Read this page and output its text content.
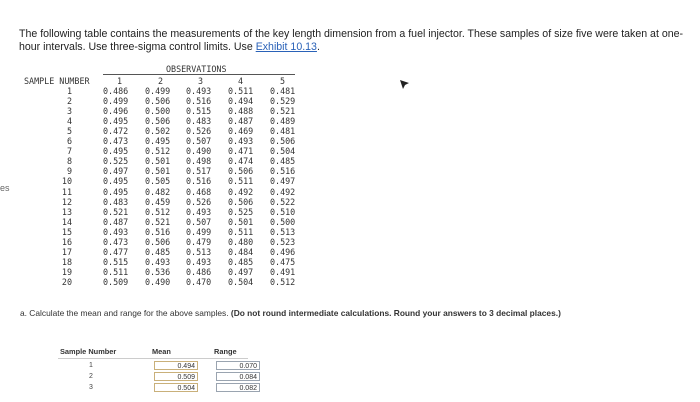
The following table contains the measurements of the key length dimension from a fuel injector. These samples of size five were taken at one-hour intervals. Use three-sigma control limits. Use Exhibit 10.13.
es
OBSERVATIONS
SAMPLE NUMBER	1	2	3	4	5
1	0.486 0.499 0.493 0.511 0.481
2	0.499 0.506 0.516 0.494 0.529
3	0.496 0.500 0.515 0.488 0.521
4	0.495 0.506 0.483 0.487 0.489
5	0.472 0.502 0.526 0.469 0.481
6	0.473 0.495 0.507 0.493 0.506
7	0.495 0.512 0.490 0.471 0.504
8	0.525 0.501 0.498 0.474 0.485
9	0.497 0.501 0.517 0.506 0.516
10	0.495 0.505 0.516 0.511 0.497
11	0.495 0.482 0.468 0.492 0.492
12	0.483 0.459 0.526 0.506 0.522
13	0.521 0.512 0.493 0.525 0.510
14	0.487 0.521 0.507 0.501 0.500
15	0.493 0.516 0.499 0.511 0.513
16	0.473 0.506 0.479 0.480 0.523
17	0.477 0.485 0.513 0.484 0.496
18	0.515 0.493 0.493 0.485 0.475
19	0.511 0.536 0.486 0.497 0.491
20	0.509 0.490 0.470 0.504 0.512
a. Calculate the mean and range for the above samples. (Do not round intermediate calculations. Round your answers to 3 decimal places.)
Sample Number	Mean	Range
1	0.494	0.070
2	0.509	0.084
3	0.504	0.082
